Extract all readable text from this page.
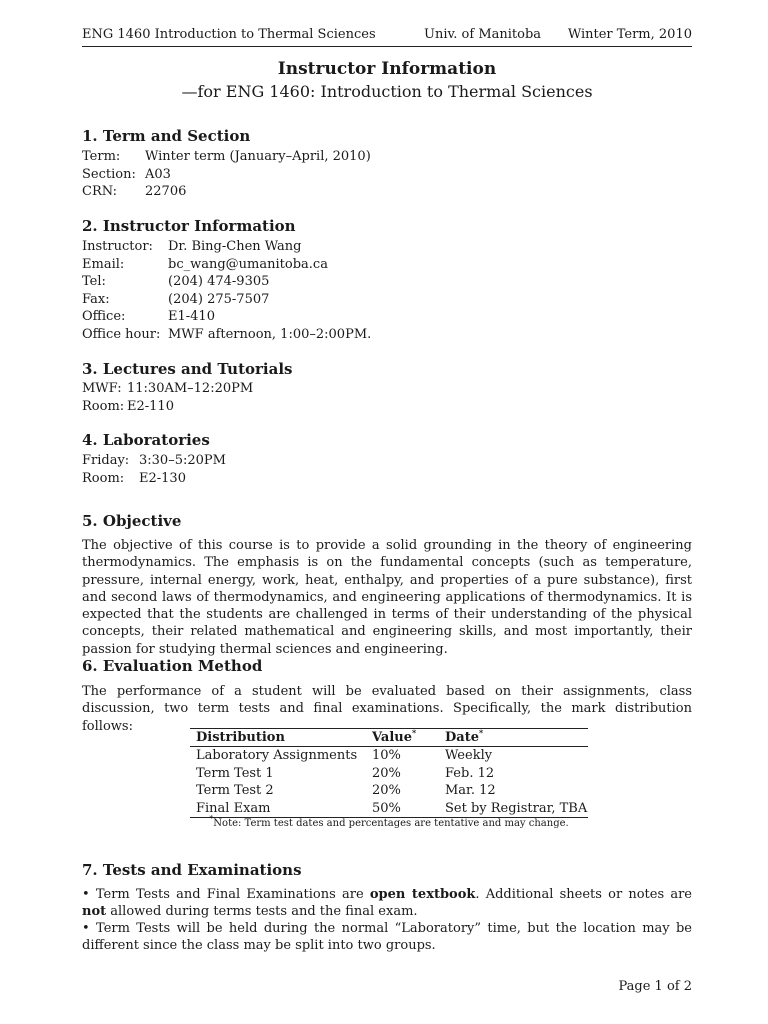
ENG 1460 Introduction to Thermal Sciences	Univ. of Manitoba Winter Term, 2010
Instructor Information
—for ENG 1460: Introduction to Thermal Sciences
1. Term and Section
Term: Winter term (January–April, 2010)
Section: A03
CRN: 22706
2. Instructor Information
Instructor: Dr. Bing-Chen Wang
Email:	bc_wang@umanitoba.ca
Tel:	(204) 474-9305
Fax:	(204) 275-7507
Office:	E1-410
Office hour: MWF afternoon, 1:00–2:00PM.
3. Lectures and Tutorials
MWF: 11:30AM–12:20PM
Room: E2-110
4. Laboratories
Friday: 3:30–5:20PM
Room: E2-130
5. Objective

The objective of this course is to provide a solid grounding in the theory of engineering thermodynamics. The emphasis is on the fundamental concepts (such as temperature, pressure, internal energy, work, heat, enthalpy, and properties of a pure substance), first and second laws of thermodynamics, and engineering applications of thermodynamics. It is expected that the students are challenged in terms of their understanding of the physical concepts, their related mathematical and engineering skills, and most importantly, their passion for studying thermal sciences and engineering.

6. Evaluation Method

The performance of a student will be evaluated based on their assignments, class discussion, two term tests and final examinations. Specifically, the mark distribution follows:

Distribution	Value*	Date*
Laboratory Assignments	10%	Weekly
Term Test 1	20%	Feb. 12
Term Test 2	20%	Mar. 12
Final Exam	50%	Set by Registrar, TBA
*Note: Term test dates and percentages are tentative and may change.
7. Tests and Examinations

• Term Tests and Final Examinations are open textbook. Additional sheets or notes are not allowed during terms tests and the final exam.

• Term Tests will be held during the normal “Laboratory” time, but the location may be different since the class may be split into two groups.

Page 1 of 2
